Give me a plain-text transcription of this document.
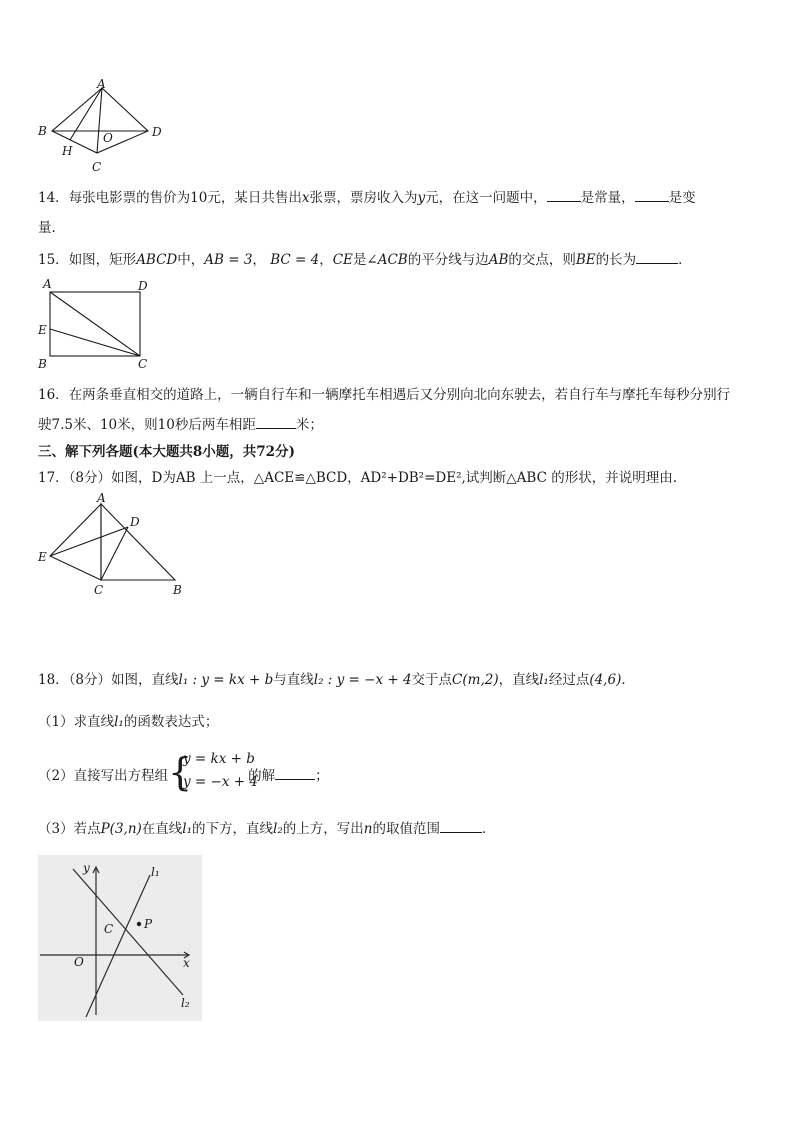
A
B
C
D
O
H
14．每张电影票的售价为10元，某日共售出x张票，票房收入为y元，在这一问题中，	是常量，	是变
量．
15．如图，矩形ABCD中，AB = 3， BC = 4，CE是∠ACB的平分线与边AB的交点，则BE的长为	．
A	D
E
B	C
16．在两条垂直相交的道路上，一辆自行车和一辆摩托车相遇后又分别向北向东驶去，若自行车与摩托车每秒分别行
驶7.5米、10米，则10秒后两车相距	米；
三、解下列各题(本大题共8小题，共72分)
17．（8分）如图，D为AB 上一点，△ACE≌△BCD，AD²+DB²=DE²,试判断△ABC 的形状，并说明理由.
A
D
E
C	B
18．（8分）如图，直线l₁ : y = kx + b与直线l₂ : y = −x + 4交于点C(m,2)，直线l₁经过点(4,6)．
（1）求直线l₁的函数表达式；
（2）直接写出方程组	的解	；
{
y = kx + b
y = −x + 4
（3）若点P(3,n)在直线l₁的下方，直线l₂的上方，写出n的取值范围	．
y
x
O
C	P
l₁
l₂
